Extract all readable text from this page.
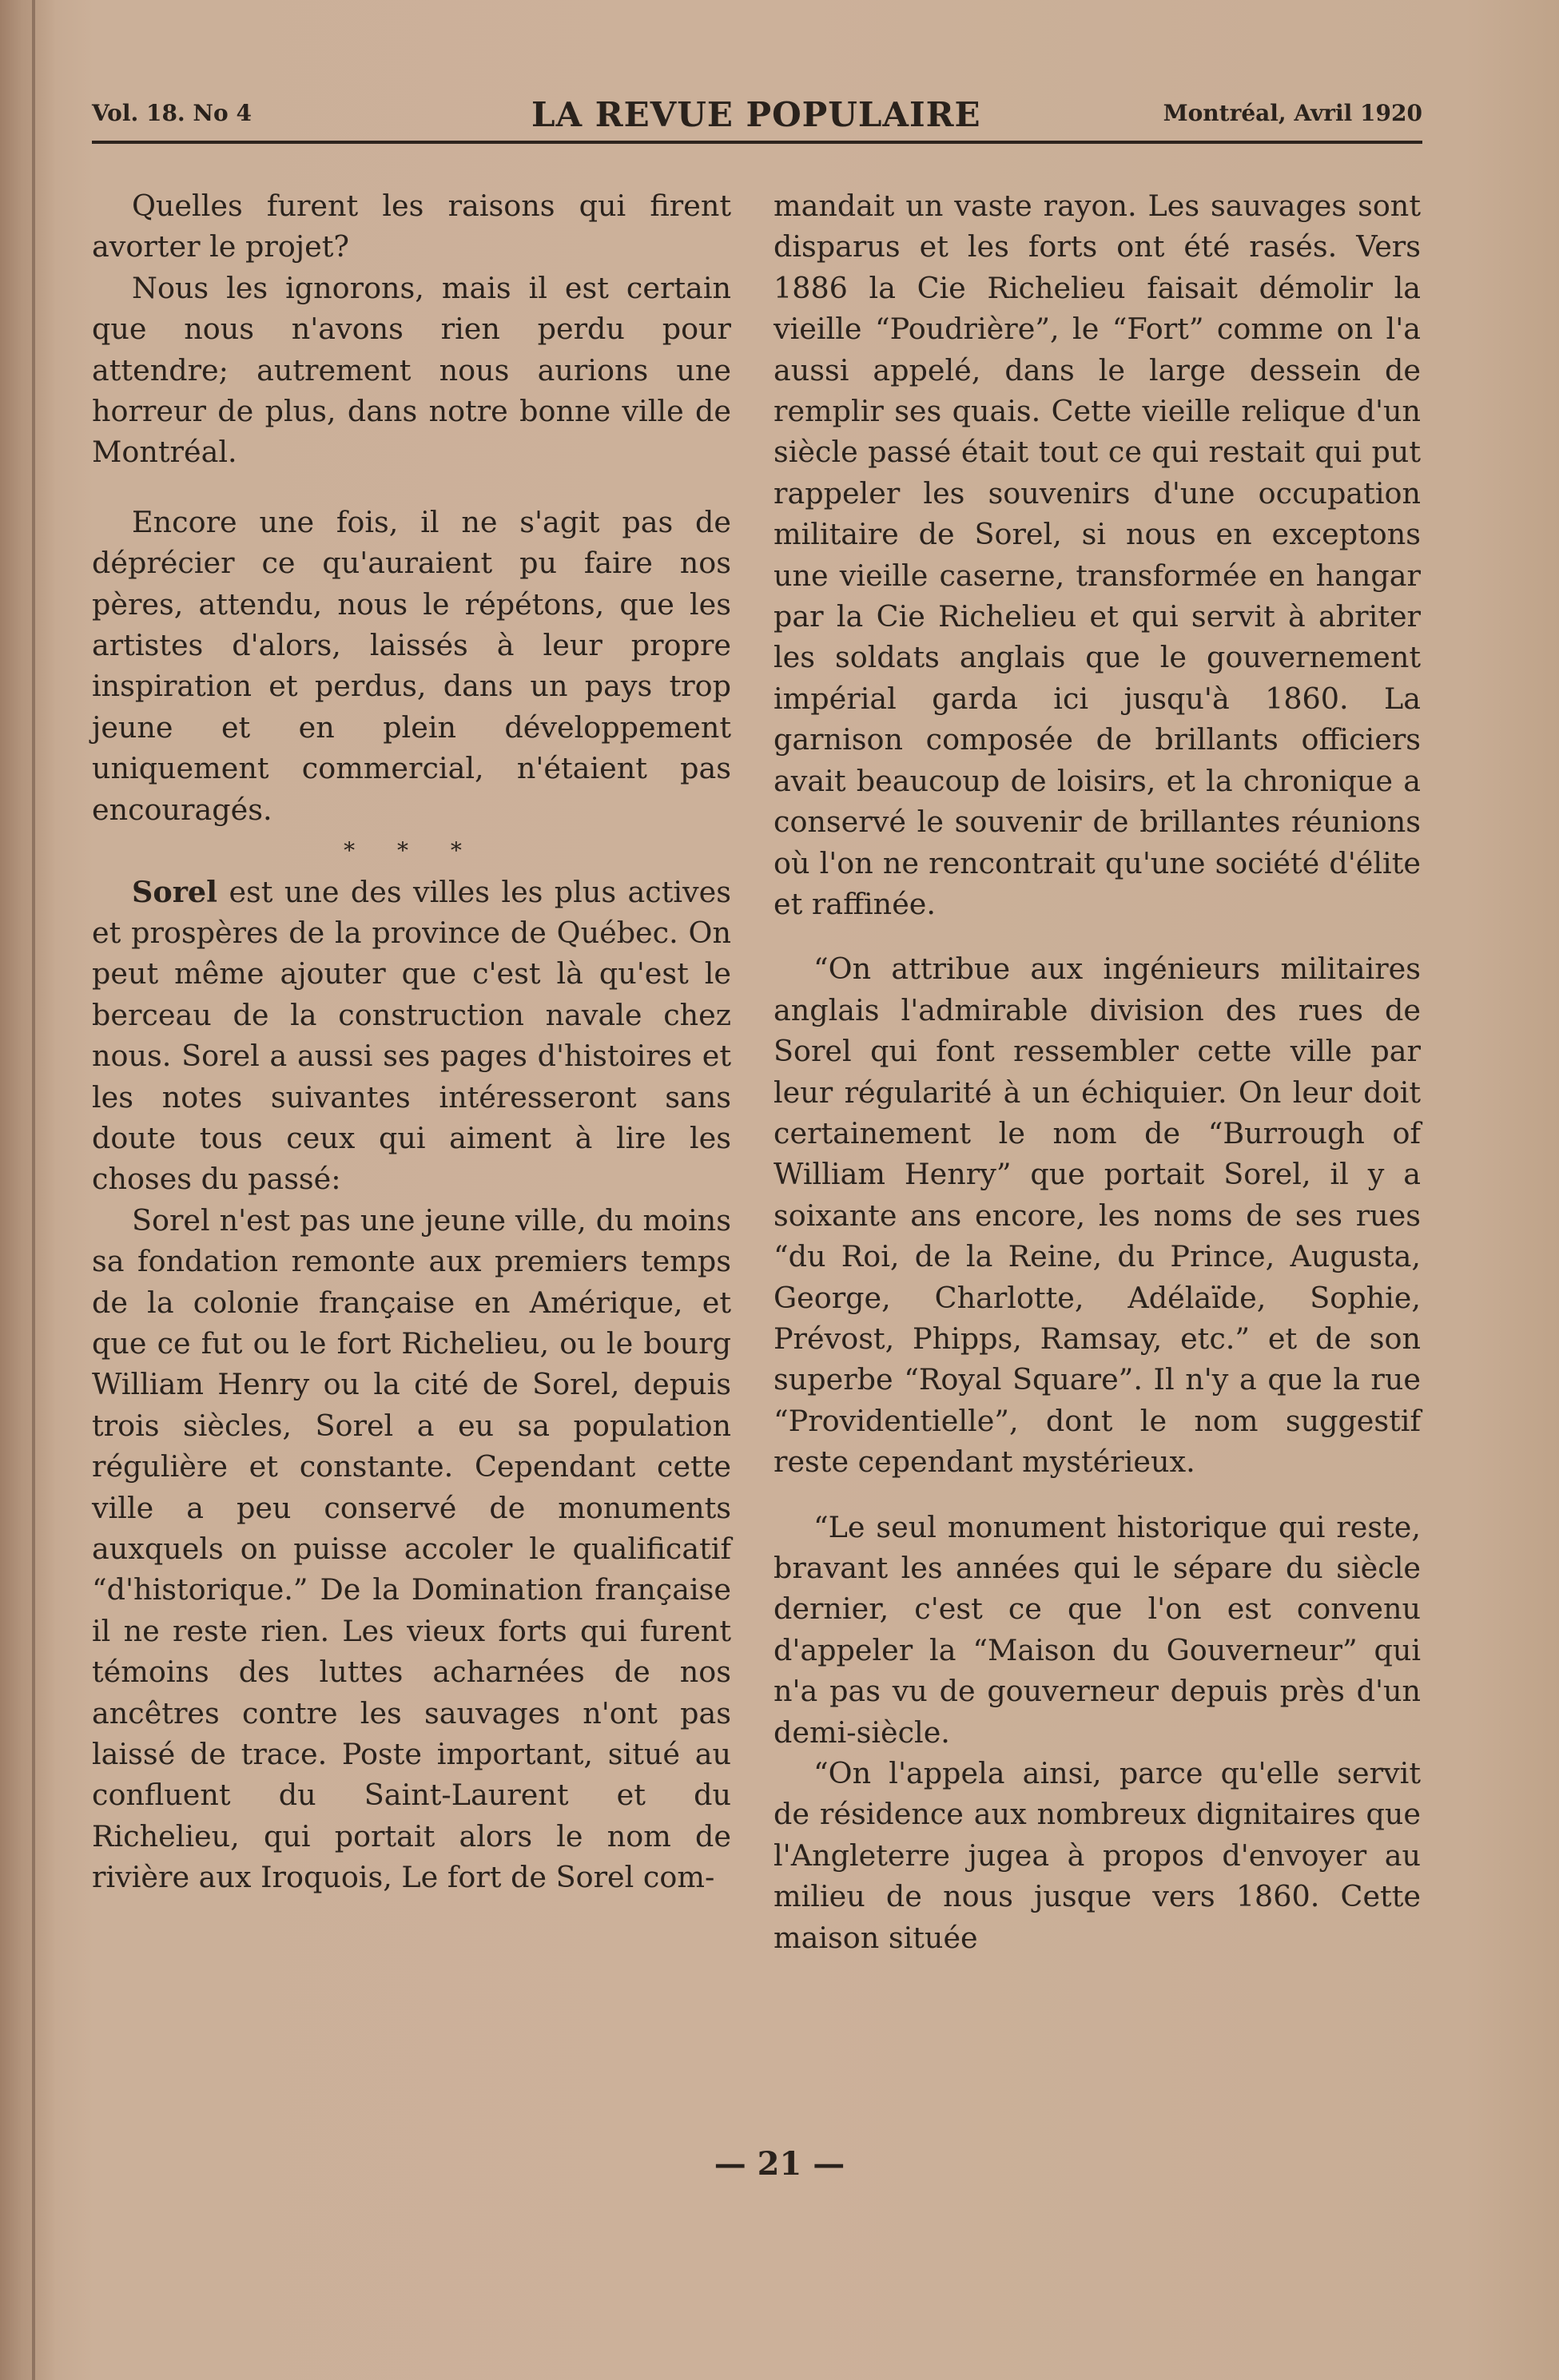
Vol. 18. No 4	LA REVUE POPULAIRE	Montréal, Avril 1920

Quelles furent les raisons qui firent avorter le projet?

Nous les ignorons, mais il est certain que nous n'avons rien perdu pour attendre; autrement nous aurions une horreur de plus, dans notre bonne ville de Montréal.

Encore une fois, il ne s'agit pas de déprécier ce qu'auraient pu faire nos pères, attendu, nous le répétons, que les artistes d'alors, laissés à leur propre inspiration et perdus, dans un pays trop jeune et en plein développement uniquement commercial, n'étaient pas encouragés.

* * *

Sorel est une des villes les plus actives et prospères de la province de Québec. On peut même ajouter que c'est là qu'est le berceau de la construction navale chez nous. Sorel a aussi ses pages d'histoires et les notes suivantes intéresseront sans doute tous ceux qui aiment à lire les choses du passé:

Sorel n'est pas une jeune ville, du moins sa fondation remonte aux premiers temps de la colonie française en Amérique, et que ce fut ou le fort Richelieu, ou le bourg William Henry ou la cité de Sorel, depuis trois siècles, Sorel a eu sa population régulière et constante. Cependant cette ville a peu conservé de monuments auxquels on puisse accoler le qualificatif “d'historique.” De la Domination française il ne reste rien. Les vieux forts qui furent témoins des luttes acharnées de nos ancêtres contre les sauvages n'ont pas laissé de trace. Poste important, situé au confluent du Saint-Laurent et du Richelieu, qui portait alors le nom de rivière aux Iroquois, Le fort de Sorel com-

mandait un vaste rayon. Les sauvages sont disparus et les forts ont été rasés. Vers 1886 la Cie Richelieu faisait démolir la vieille “Poudrière”, le “Fort” comme on l'a aussi appelé, dans le large dessein de remplir ses quais. Cette vieille relique d'un siècle passé était tout ce qui restait qui put rappeler les souvenirs d'une occupation militaire de Sorel, si nous en exceptons une vieille caserne, transformée en hangar par la Cie Richelieu et qui servit à abriter les soldats anglais que le gouvernement impérial garda ici jusqu'à 1860. La garnison composée de brillants officiers avait beaucoup de loisirs, et la chronique a conservé le souvenir de brillantes réunions où l'on ne rencontrait qu'une société d'élite et raffinée.

“On attribue aux ingénieurs militaires anglais l'admirable division des rues de Sorel qui font ressembler cette ville par leur régularité à un échiquier. On leur doit certainement le nom de “Burrough of William Henry” que portait Sorel, il y a soixante ans encore, les noms de ses rues “du Roi, de la Reine, du Prince, Augusta, George, Charlotte, Adélaïde, Sophie, Prévost, Phipps, Ramsay, etc.” et de son superbe “Royal Square”. Il n'y a que la rue “Providentielle”, dont le nom suggestif reste cependant mystérieux.

“Le seul monument historique qui reste, bravant les années qui le sépare du siècle dernier, c'est ce que l'on est convenu d'appeler la “Maison du Gouverneur” qui n'a pas vu de gouverneur depuis près d'un demi-siècle.

“On l'appela ainsi, parce qu'elle servit de résidence aux nombreux dignitaires que l'Angleterre jugea à propos d'envoyer au milieu de nous jusque vers 1860. Cette maison située

— 21 —
